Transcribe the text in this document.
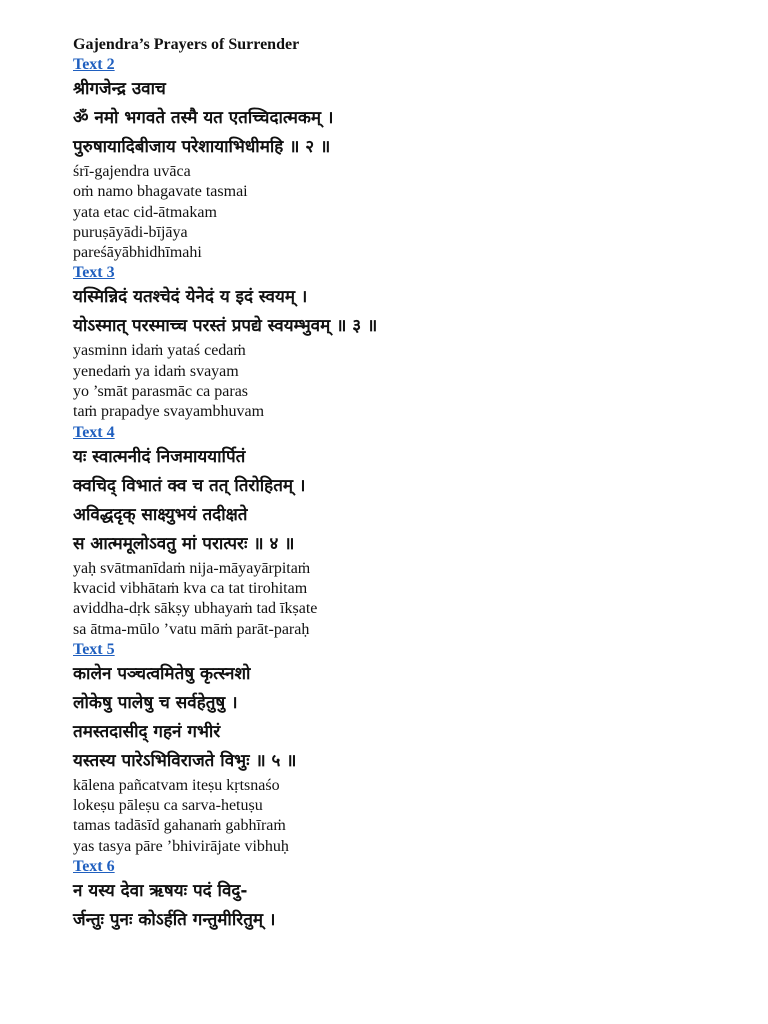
Gajendra’s Prayers of Surrender

Text 2

श्रीगजेन्द्र उवाच

ॐ नमो भगवते तस्मै यत एतच्चिदात्मकम् ।

पुरुषायादिबीजाय परेशायाभिधीमहि ॥ २ ॥

śrī-gajendra uvāca

oṁ namo bhagavate tasmai

yata etac cid-ātmakam

puruṣāyādi-bījāya

pareśāyābhidhīmahi

Text 3

यस्मिन्निदं यतश्चेदं येनेदं य इदं स्वयम् ।

योऽस्मात् परस्माच्च परस्तं प्रपद्ये स्वयम्भुवम् ॥ ३ ॥

yasminn idaṁ yataś cedaṁ

yenedaṁ ya idaṁ svayam

yo ’smāt parasmāc ca paras

taṁ prapadye svayambhuvam

Text 4

यः स्वात्मनीदं निजमाययार्पितं

क्वचिद् विभातं क्व च तत् तिरोहितम् ।

अविद्धदृक् साक्ष्युभयं तदीक्षते

स आत्ममूलोऽवतु मां परात्परः ॥ ४ ॥

yaḥ svātmanīdaṁ nija-māyayārpitaṁ

kvacid vibhātaṁ kva ca tat tirohitam

aviddha-dṛk sākṣy ubhayaṁ tad īkṣate

sa ātma-mūlo ’vatu māṁ parāt-paraḥ

Text 5

कालेन पञ्चत्वमितेषु कृत्स्नशो

लोकेषु पालेषु च सर्वहेतुषु ।

तमस्तदासीद् गहनं गभीरं

यस्तस्य पारेऽभिविराजते विभुः ॥ ५ ॥

kālena pañcatvam iteṣu kṛtsnaśo

lokeṣu pāleṣu ca sarva-hetuṣu

tamas tadāsīd gahanaṁ gabhīraṁ

yas tasya pāre ’bhivirājate vibhuḥ

Text 6

न यस्य देवा ऋषयः पदं विदु-

र्जन्तुः पुनः कोऽर्हति गन्तुमीरितुम् ।
